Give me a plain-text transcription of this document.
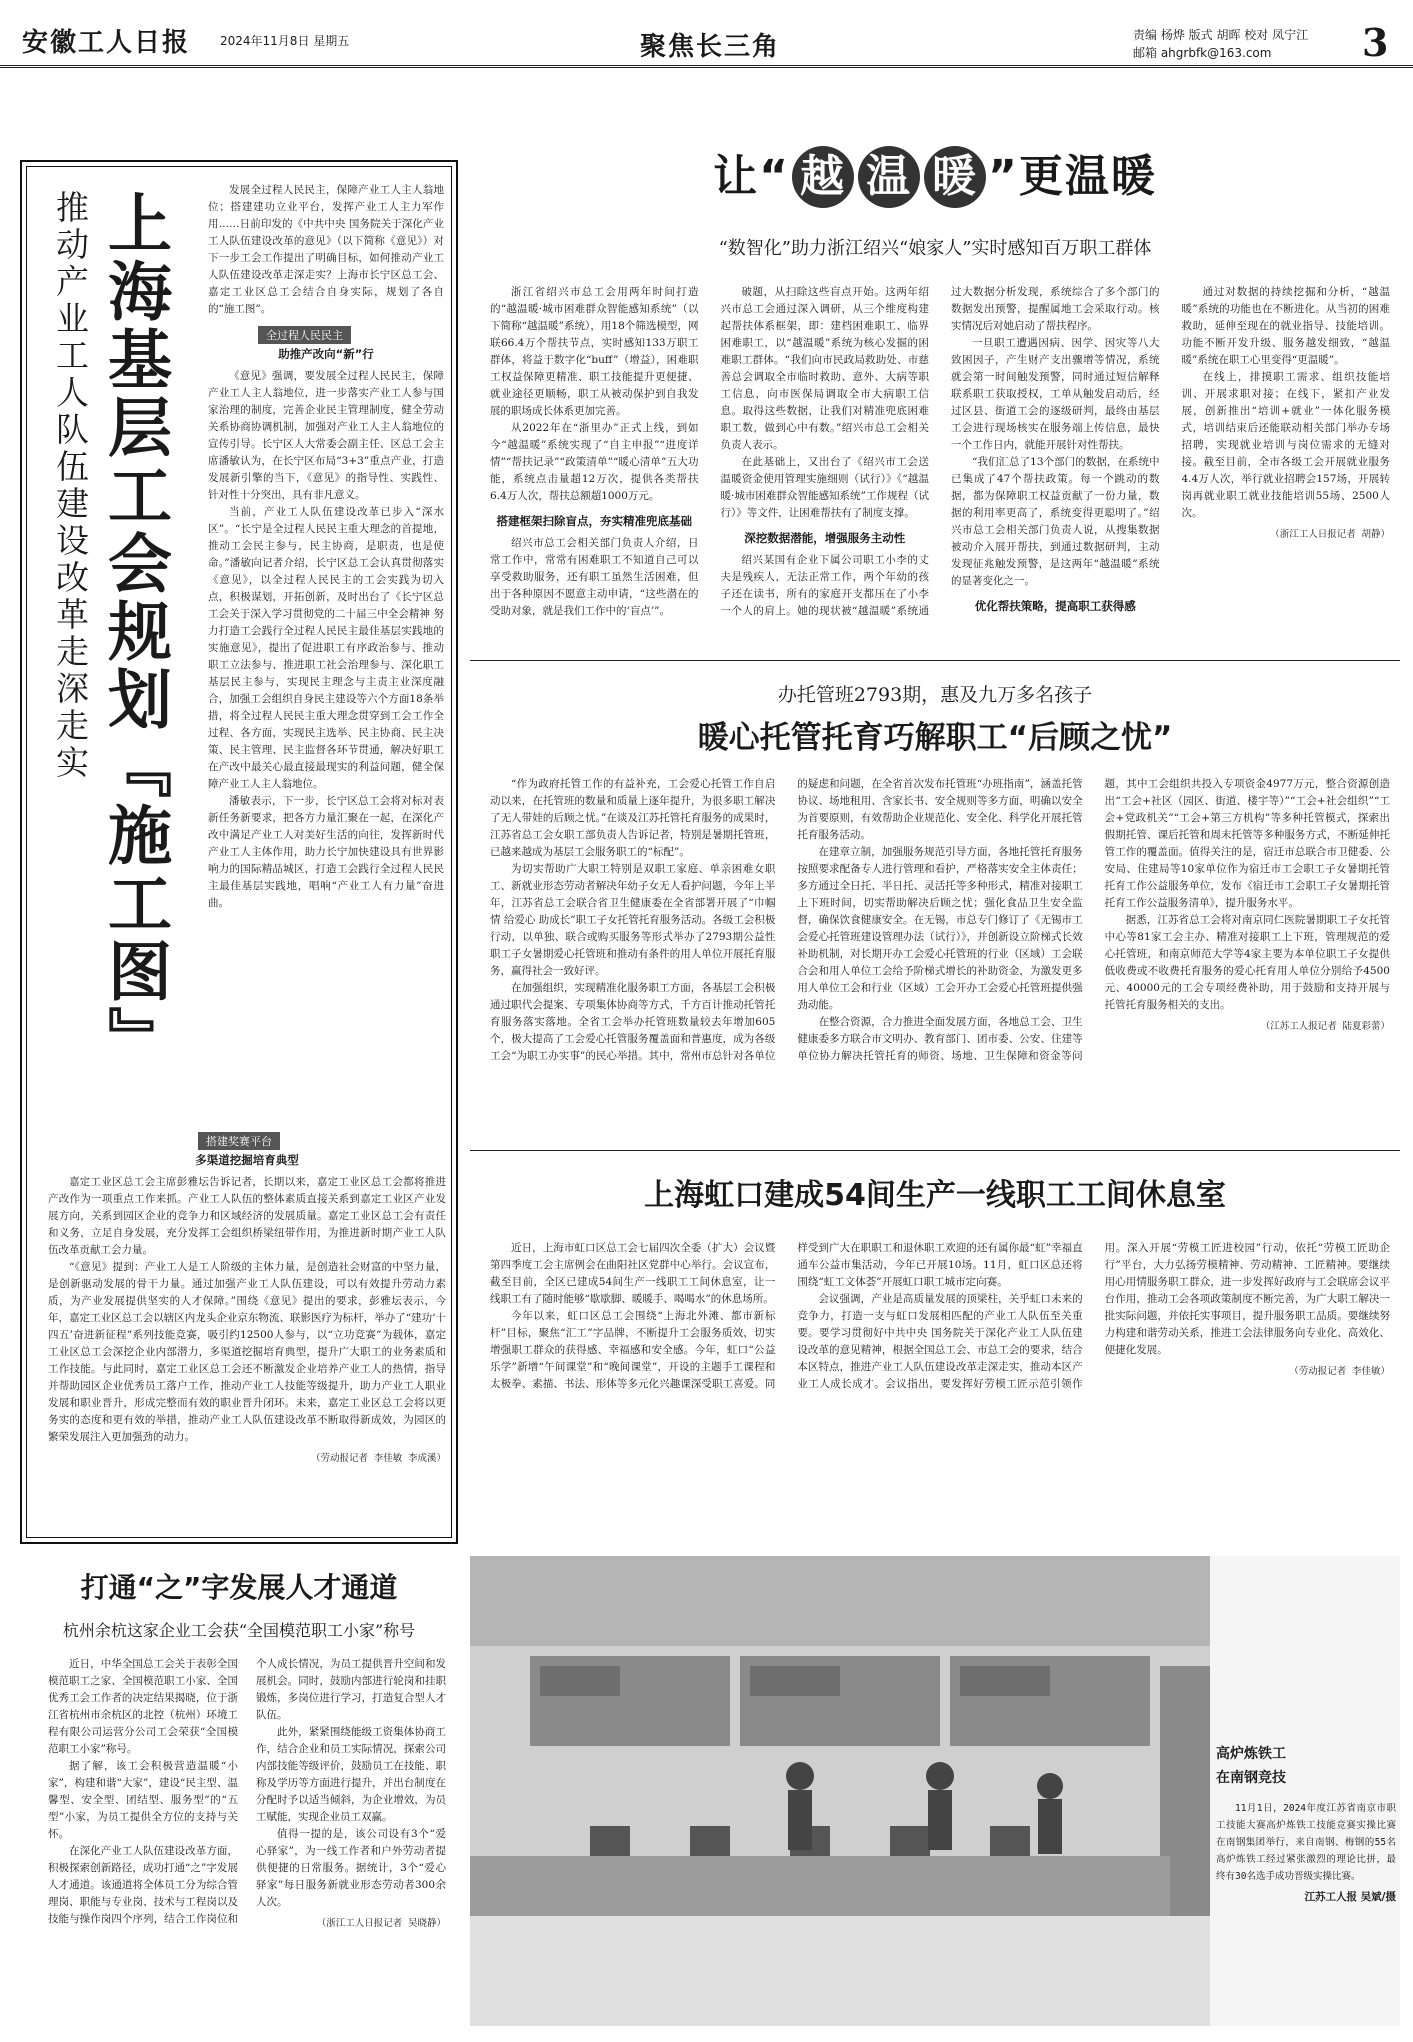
安徽工人日报 2024年11月8日 星期五	聚焦长三角	责编 杨烨 版式 胡晖 校对 凤宁江
邮箱 ahgrbfk@163.com	3
上海基层工会规划『施工图』
推动产业工人队伍建设改革走深走实	发展全过程人民民主，保障产业工人主人翁地位；搭建建功立业平台，发挥产业工人主力军作用……日前印发的《中共中央 国务院关于深化产业工人队伍建设改革的意见》（以下简称《意见》）对下一步工会工作提出了明确目标，如何推动产业工人队伍建设改革走深走实？上海市长宁区总工会、嘉定工业区总工会结合自身实际，规划了各自的“施工图”。

全过程人民民主
助推产改向“新”行

《意见》强调，要发展全过程人民民主，保障产业工人主人翁地位，进一步落实产业工人参与国家治理的制度，完善企业民主管理制度，健全劳动关系协商协调机制，加强对产业工人主人翁地位的宣传引导。长宁区人大常委会副主任、区总工会主席潘敏认为，在长宁区布局“3+3”重点产业，打造发展新引擎的当下，《意见》的指导性、实践性、针对性十分突出，具有非凡意义。

当前，产业工人队伍建设改革已步入“深水区”。“长宁是全过程人民民主重大理念的首提地，推动工会民主参与，民主协商，是职责，也是使命。”潘敏向记者介绍，长宁区总工会认真贯彻落实《意见》，以全过程人民民主的工会实践为切入点，积极谋划，开拓创新，及时出台了《长宁区总工会关于深入学习贯彻党的二十届三中全会精神 努力打造工会践行全过程人民民主最佳基层实践地的实施意见》，提出了促进职工有序政治参与、推动职工立法参与、推进职工社会治理参与、深化职工基层民主参与，实现民主理念与主责主业深度融合，加强工会组织自身民主建设等六个方面18条举措，将全过程人民民主重大理念贯穿到工会工作全过程、各方面，实现民主选举、民主协商、民主决策、民主管理、民主监督各环节贯通，解决好职工在产改中最关心最直接最现实的利益问题，健全保障产业工人主人翁地位。

潘敏表示，下一步，长宁区总工会将对标对表新任务新要求，把各方力量汇聚在一起，在深化产改中满足产业工人对美好生活的向往，发挥新时代产业工人主体作用，助力长宁加快建设具有世界影响力的国际精品城区，打造工会践行全过程人民民主最佳基层实践地，唱响“产业工人有力量”奋进曲。

搭建奖赛平台
多渠道挖掘培育典型

嘉定工业区总工会主席彭雅坛告诉记者，长期以来，嘉定工业区总工会都将推进产改作为一项重点工作来抓。产业工人队伍的整体素质直接关系到嘉定工业区产业发展方向，关系到园区企业的竞争力和区域经济的发展质量。嘉定工业区总工会有责任和义务，立足自身发展，充分发挥工会组织桥梁纽带作用，为推进新时期产业工人队伍改革贡献工会力量。

“《意见》提到：产业工人是工人阶级的主体力量，是创造社会财富的中坚力量，是创新驱动发展的骨干力量。通过加强产业工人队伍建设，可以有效提升劳动力素质，为产业发展提供坚实的人才保障。”围绕《意见》提出的要求，彭雅坛表示，今年，嘉定工业区总工会以辖区内龙头企业京东物流、联影医疗为标杆，举办了“建功‘十四五’奋进新征程”系列技能竞赛，吸引约12500人参与，以“立功竞赛”为载体，嘉定工业区总工会深挖企业内部潜力，多渠道挖掘培育典型，提升广大职工的业务素质和工作技能。与此同时，嘉定工业区总工会还不断激发企业培养产业工人的热情，指导并帮助园区企业优秀员工落户工作，推动产业工人技能等级提升，助力产业工人职业发展和职业晋升，形成完整而有效的职业晋升闭环。未来，嘉定工业区总工会将以更务实的态度和更有效的举措，推动产业工人队伍建设改革不断取得新成效，为园区的繁荣发展注入更加强劲的动力。

（劳动报记者 李佳敏 李成溪）
让“ 越 温 暖 ”更温暖
“数智化”助力浙江绍兴“娘家人”实时感知百万职工群体

浙江省绍兴市总工会用两年时间打造的“越温暖·城市困难群众智能感知系统”（以下简称“越温暖”系统），用18个筛选模型，网联66.4万个帮扶节点，实时感知133万职工群体，将益于数字化“buff”（增益），困难职工权益保障更精准、职工技能提升更便捷、就业途径更顺畅，职工从被动保护到自我发展的职场成长体系更加完善。

从2022年在“浙里办”正式上线，到如今“越温暖”系统实现了“自主申报”“进度详情”“帮扶记录”“政策清单”“暖心清单”五大功能，系统点击量超12万次，提供各类帮扶6.4万人次，帮扶总额超1000万元。

搭建框架扫除盲点，夯实精准兜底基础

绍兴市总工会相关部门负责人介绍，日常工作中，常常有困难职工不知道自己可以享受救助服务，还有职工虽然生活困难，但出于各种原因不愿意主动申请，“这些潜在的受助对象，就是我们工作中的‘盲点’”。

破题，从扫除这些盲点开始。这两年绍兴市总工会通过深入调研，从三个维度构建起帮扶体系框架，即：建档困难职工、临界困难职工，以“越温暖”系统为核心发掘的困难职工群体。“我们向市民政局救助处、市慈善总会调取全市临时救助、意外、大病等职工信息，向市医保局调取全市大病职工信息。取得这些数据，让我们对精准兜底困难职工数，做到心中有数。”绍兴市总工会相关负责人表示。

在此基础上，又出台了《绍兴市工会送温暖资金使用管理实施细则（试行）》《“越温暖·城市困难群众智能感知系统”工作规程（试行）》等文件，让困难帮扶有了制度支撑。

深挖数据潜能，增强服务主动性

绍兴某国有企业下属公司职工小李的丈夫是残疾人，无法正常工作，两个年幼的孩子还在读书，所有的家庭开支都压在了小李一个人的肩上。她的现状被“越温暖”系统通过大数据分析发现，系统综合了多个部门的数据发出预警，提醒属地工会采取行动。核实情况后对她启动了帮扶程序。

一旦职工遭遇因病、因学、因灾等八大致困因子，产生财产支出骤增等情况，系统就会第一时间触发预警，同时通过短信解释联系职工获取授权，工单从触发启动后，经过区县、街道工会的逐级研判，最终由基层工会进行现场核实在服务端上传信息，最快一个工作日内，就能开展针对性帮扶。

“我们汇总了13个部门的数据，在系统中已集成了47个帮扶政策。每一个跳动的数据，都为保障职工权益贡献了一份力量，数据的利用率更高了，系统变得更聪明了。”绍兴市总工会相关部门负责人说，从搜集数据被动介入展开帮扶，到通过数据研判，主动发现征兆触发预警，是这两年“越温暖”系统的显著变化之一。

优化帮扶策略，提高职工获得感

通过对数据的持续挖掘和分析，“越温暖”系统的功能也在不断进化。从当初的困难救助，延伸至现在的就业指导、技能培训。功能不断开发升级、服务越发细致，“越温暖”系统在职工心里变得“更温暖”。

在线上，排摸职工需求、组织技能培训、开展求职对接；在线下，紧扣产业发展，创新推出“培训+就业”一体化服务模式，培训结束后还能联动相关部门举办专场招聘，实现就业培训与岗位需求的无缝对接。截至目前，全市各级工会开展就业服务4.4万人次，举行就业招聘会157场，开展转岗再就业职工就业技能培训55场、2500人次。

（浙江工人日报记者 胡静）
办托管班2793期，惠及九万多名孩子
暖心托管托育巧解职工“后顾之忧”

“作为政府托管工作的有益补充，工会爱心托管工作自启动以来，在托管班的数量和质量上逐年提升，为很多职工解决了无人带娃的后顾之忧。”在谈及江苏托管托育服务的成果时，江苏省总工会女职工部负责人告诉记者，特别是暑期托管班，已越来越成为基层工会服务职工的“标配”。

为切实帮助广大职工特别是双职工家庭、单亲困难女职工、新就业形态劳动者解决年幼子女无人看护问题，今年上半年，江苏省总工会联合省卫生健康委在全省部署开展了“巾帼情 给爱心 助成长”职工子女托管托育服务活动。各级工会积极行动，以单独、联合或购买服务等形式举办了2793期公益性职工子女暑期爱心托管班和推动有条件的用人单位开展托育服务，赢得社会一致好评。

在加强组织，实现精准化服务职工方面，各基层工会积极通过职代会提案、专项集体协商等方式，千方百计推动托管托育服务落实落地。全省工会举办托管班数量较去年增加605个，极大提高了工会爱心托管服务覆盖面和普惠度，成为各级工会“为职工办实事”的民心举措。其中，常州市总针对各单位的疑虑和问题，在全省首次发布托管班“办班指南”，涵盖托管协议、场地租用、含家长书、安全规则等多方面，明确以安全为首要原则，有效帮助企业规范化、安全化、科学化开展托管托育服务活动。

在建章立制，加强服务规范引导方面，各地托管托育服务按照要求配备专人进行管理和看护，严格落实安全主体责任；多方通过全日托、半日托、灵活托等多种形式，精准对接职工上下班时间，切实帮助解决后顾之忧；强化食品卫生安全监督，确保饮食健康安全。在无锡，市总专门修订了《无锡市工会爱心托管班建设管理办法（试行）》，并创新设立阶梯式长效补助机制，对长期开办工会爱心托管班的行业（区域）工会联合会和用人单位工会给予阶梯式增长的补助资金，为激发更多用人单位工会和行业（区域）工会开办工会爱心托管班提供强劲动能。

在整合资源，合力推进全面发展方面，各地总工会、卫生健康委多方联合市文明办、教育部门、团市委、公安、住建等单位协力解决托管托育的师资、场地、卫生保障和资金等问题，其中工会组织共投入专项资金4977万元，整合资源创造出“工会+社区（园区、街道、楼宇等）”“工会+社会组织”“工会+党政机关”“工会+第三方机构”等多种托管模式，探索出假期托管、课后托管和周末托管等多种服务方式，不断延伸托管工作的覆盖面。值得关注的是，宿迁市总联合市卫健委、公安局、住建局等10家单位作为宿迁市工会职工子女暑期托管托育工作公益服务单位，发布《宿迁市工会职工子女暑期托管托育工作公益服务清单》，提升服务水平。

据悉，江苏省总工会将对南京同仁医院暑期职工子女托管中心等81家工会主办、精准对接职工上下班，管理规范的爱心托管班，和南京师范大学等4家主要为本单位职工子女提供低收费或不收费托育服务的爱心托育用人单位分别给予4500元、40000元的工会专项经费补助，用于鼓励和支持开展与托管托育服务相关的支出。

（江苏工人报记者 陆夏彩蕾）
上海虹口建成54间生产一线职工工间休息室

近日，上海市虹口区总工会七届四次全委（扩大）会议暨第四季度工会主席例会在曲阳社区党群中心举行。会议宣布，截至目前，全区已建成54间生产一线职工工间休息室，让一线职工有了随时能够“歇歇脚、暖暖手、喝喝水”的休息场所。

今年以来，虹口区总工会围绕“上海北外滩、都市新标杆”目标，聚焦“汇工”字品牌，不断提升工会服务质效，切实增强职工群众的获得感、幸福感和安全感。今年，虹口“公益乐学”新增“午间课堂”和“晚间课堂”，开设的主题手工课程和太极拳、素描、书法、形体等多元化兴趣课深受职工喜爱。同样受到广大在职职工和退休职工欢迎的还有属你最“虹”幸福直通车公益市集活动，今年已开展10场。11月，虹口区总还将围绕“虹工文体荟”开展虹口职工城市定向赛。

会议强调，产业是高质量发展的顶梁柱，关乎虹口未来的竞争力，打造一支与虹口发展相匹配的产业工人队伍至关重要。要学习贯彻好中共中央 国务院关于深化产业工人队伍建设改革的意见精神，根据全国总工会、市总工会的要求，结合本区特点，推进产业工人队伍建设改革走深走实，推动本区产业工人成长成才。会议指出，要发挥好劳模工匠示范引领作用。深入开展“劳模工匠进校园”行动，依托“劳模工匠助企行”平台，大力弘扬劳模精神、劳动精神、工匠精神。要继续用心用情服务职工群众，进一步发挥好政府与工会联席会议平台作用，推动工会各项政策制度不断完善，为广大职工解决一批实际问题，并依托实事项目，提升服务职工品质。要继续努力构建和谐劳动关系，推进工会法律服务向专业化、高效化、便捷化发展。

（劳动报记者 李佳敏）
高炉炼铁工
在南钢竞技
11月1日，2024年度江苏省南京市职工技能大赛高炉炼铁工技能竞赛实操比赛在南钢集团举行，来自南钢、梅钢的55名高炉炼铁工经过紧张激烈的理论比拼，最终有30名选手成功晋级实操比赛。
江苏工人报 吴斌/摄
打通“之”字发展人才通道
杭州余杭这家企业工会获“全国模范职工小家”称号

近日，中华全国总工会关于表彰全国模范职工之家、全国模范职工小家、全国优秀工会工作者的决定结果揭晓，位于浙江省杭州市余杭区的北控（杭州）环境工程有限公司运营分公司工会荣获“全国模范职工小家”称号。

据了解，该工会积极营造温暖“小家”，构建和谐“大家”，建设“民主型、温馨型、安全型、团结型、服务型”的“五型”小家，为员工提供全方位的支持与关怀。

在深化产业工人队伍建设改革方面，积极探索创新路径，成功打通“之”字发展人才通道。该通道将全体员工分为综合管理岗、职能与专业岗、技术与工程岗以及技能与操作岗四个序列，结合工作岗位和个人成长情况，为员工提供晋升空间和发展机会。同时，鼓励内部进行轮岗和挂职锻炼，多岗位进行学习，打造复合型人才队伍。

此外，紧紧围绕能级工资集体协商工作，结合企业和员工实际情况，探索公司内部技能等级评价，鼓励员工在技能、职称及学历等方面进行提升，并出台制度在分配时予以适当倾斜，为企业增效，为员工赋能，实现企业员工双赢。

值得一提的是，该公司设有3个“爱心驿家”，为一线工作者和户外劳动者提供便捷的日常服务。据统计，3个“爱心驿家”每日服务新就业形态劳动者300余人次。

（浙江工人日报记者 吴晓静）
